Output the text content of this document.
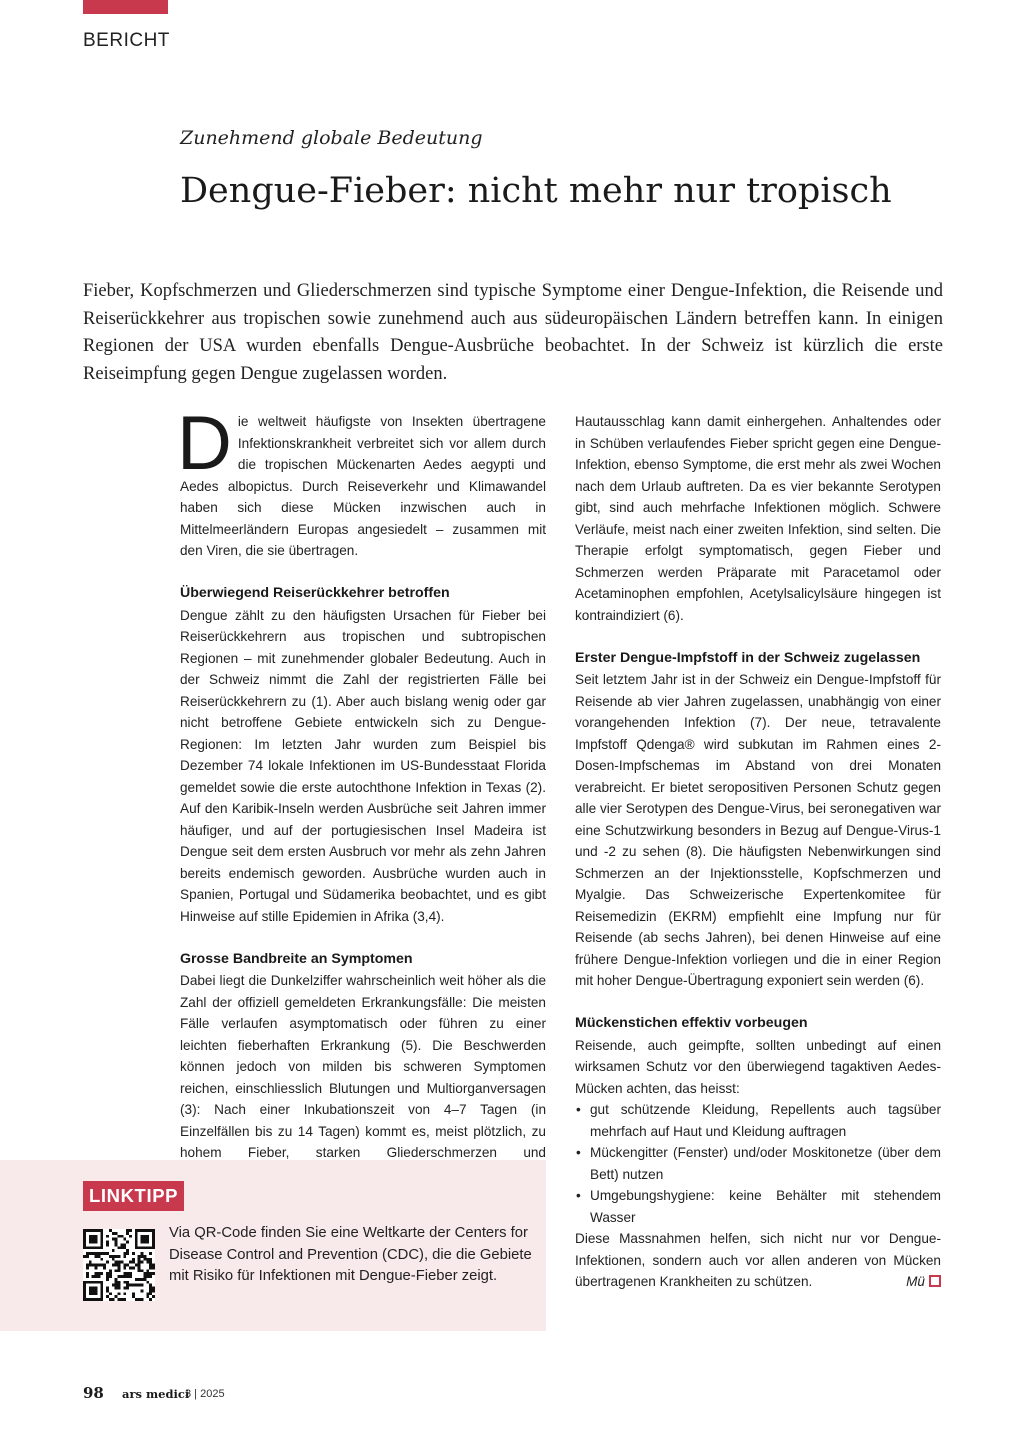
BERICHT
Zunehmend globale Bedeutung
Dengue-Fieber: nicht mehr nur tropisch

Fieber, Kopfschmerzen und Gliederschmerzen sind typische Symptome einer Dengue-Infektion, die Reisende und Reiserückkehrer aus tropischen sowie zunehmend auch aus südeuropäischen Ländern betreffen kann. In einigen Regionen der USA wurden ebenfalls Dengue-Ausbrüche beobachtet. In der Schweiz ist kürzlich die erste Reiseimpfung gegen Dengue zugelassen worden.

Die weltweit häufigste von Insekten übertragene Infektionskrankheit verbreitet sich vor allem durch die tropischen Mückenarten Aedes aegypti und Aedes albopictus. Durch Reiseverkehr und Klimawandel haben sich diese Mücken inzwischen auch in Mittelmeerländern Europas angesiedelt – zusammen mit den Viren, die sie übertragen.

Überwiegend Reiserückkehrer betroffen

Dengue zählt zu den häufigsten Ursachen für Fieber bei Reiserückkehrern aus tropischen und subtropischen Regionen – mit zunehmender globaler Bedeutung. Auch in der Schweiz nimmt die Zahl der registrierten Fälle bei Reiserückkehrern zu (1). Aber auch bislang wenig oder gar nicht betroffene Gebiete entwickeln sich zu Dengue-Regionen: Im letzten Jahr wurden zum Beispiel bis Dezember 74 lokale Infektionen im US-Bundesstaat Florida gemeldet sowie die erste autochthone Infektion in Texas (2). Auf den Karibik-Inseln werden Ausbrüche seit Jahren immer häufiger, und auf der portugiesischen Insel Madeira ist Dengue seit dem ersten Ausbruch vor mehr als zehn Jahren bereits endemisch geworden. Ausbrüche wurden auch in Spanien, Portugal und Südamerika beobachtet, und es gibt Hinweise auf stille Epidemien in Afrika (3,4).

Grosse Bandbreite an Symptomen

Dabei liegt die Dunkelziffer wahrscheinlich weit höher als die Zahl der offiziell gemeldeten Erkrankungsfälle: Die meisten Fälle verlaufen asymptomatisch oder führen zu einer leichten fieberhaften Erkrankung (5). Die Beschwerden können jedoch von milden bis schweren Symptomen reichen, einschliesslich Blutungen und Multiorganversagen (3): Nach einer Inkubationszeit von 4–7 Tagen (in Einzelfällen bis zu 14 Tagen) kommt es, meist plötzlich, zu hohem Fieber, starken Gliederschmerzen und

Hautausschlag kann damit einhergehen. Anhaltendes oder in Schüben verlaufendes Fieber spricht gegen eine Dengue-Infektion, ebenso Symptome, die erst mehr als zwei Wochen nach dem Urlaub auftreten. Da es vier bekannte Serotypen gibt, sind auch mehrfache Infektionen möglich. Schwere Verläufe, meist nach einer zweiten Infektion, sind selten. Die Therapie erfolgt symptomatisch, gegen Fieber und Schmerzen werden Präparate mit Paracetamol oder Acetaminophen empfohlen, Acetylsalicylsäure hingegen ist kontraindiziert (6).

Erster Dengue-Impfstoff in der Schweiz zugelassen

Seit letztem Jahr ist in der Schweiz ein Dengue-Impfstoff für Reisende ab vier Jahren zugelassen, unabhängig von einer vorangehenden Infektion (7). Der neue, tetravalente Impfstoff Qdenga® wird subkutan im Rahmen eines 2-Dosen-Impfschemas im Abstand von drei Monaten verabreicht. Er bietet seropositiven Personen Schutz gegen alle vier Serotypen des Dengue-Virus, bei seronegativen war eine Schutzwirkung besonders in Bezug auf Dengue-Virus-1 und -2 zu sehen (8). Die häufigsten Nebenwirkungen sind Schmerzen an der Injektionsstelle, Kopfschmerzen und Myalgie. Das Schweizerische Expertenkomitee für Reisemedizin (EKRM) empfiehlt eine Impfung nur für Reisende (ab sechs Jahren), bei denen Hinweise auf eine frühere Dengue-Infektion vorliegen und die in einer Region mit hoher Dengue-Übertragung exponiert sein werden (6).

Mückenstichen effektiv vorbeugen

Reisende, auch geimpfte, sollten unbedingt auf einen wirksamen Schutz vor den überwiegend tagaktiven Aedes-Mücken achten, das heisst:

• gut schützende Kleidung, Repellents auch tagsüber mehrfach auf Haut und Kleidung auftragen
• Mückengitter (Fenster) und/oder Moskitonetze (über dem Bett) nutzen
• Umgebungshygiene: keine Behälter mit stehendem Wasser

Diese Massnahmen helfen, sich nicht nur vor Dengue-Infektionen, sondern auch vor allen anderen von Mücken übertragenen Krankheiten zu schützen.	Mü

LINKTIPP

Via QR-Code finden Sie eine Weltkarte der Centers for Disease Control and Prevention (CDC), die die Gebiete mit Risiko für Infektionen mit Dengue-Fieber zeigt.

98 ars medici
3 | 2025
